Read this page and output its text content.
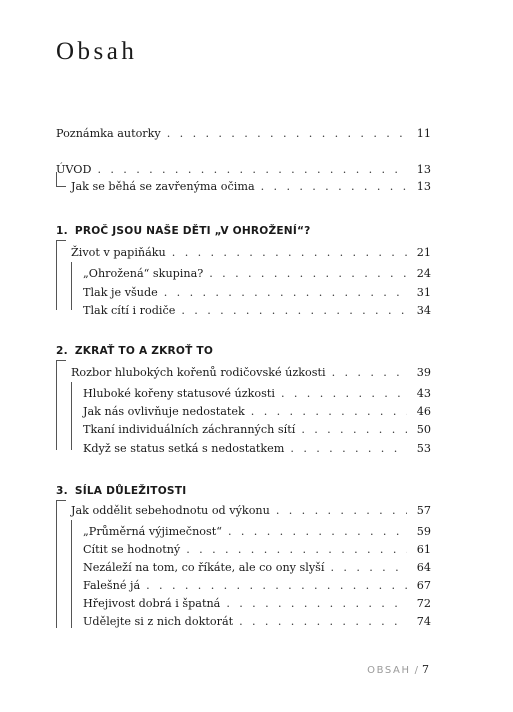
Obsah
Poznámka autorky . . .	11
ÚVOD . . .	13
Jak se běhá se zavřenýma očima . . .	13
1. PROČ JSOU NAŠE DĚTI „V OHROŽENÍ“?
Život v papiňáku . . .	21
„Ohrožená“ skupina? . . .	24
Tlak je všude . . .	31
Tlak cítí i rodiče . . .	34
2. ZKRAŤ TO A ZKROŤ TO
Rozbor hlubokých kořenů rodičovské úzkosti . . .	39
Hluboké kořeny statusové úzkosti . . .	43
Jak nás ovlivňuje nedostatek . . .	46
Tkaní individuálních záchranných sítí . . .	50
Když se status setká s nedostatkem . . .	53
3. SÍLA DŮLEŽITOSTI
Jak oddělit sebehodnotu od výkonu . . .	57
„Průměrná výjimečnost“ . . .	59
Cítit se hodnotný . . .	61
Nezáleží na tom, co říkáte, ale co ony slyší . . .	64
Falešné já . . .	67
Hřejivost dobrá i špatná . . .	72
Udělejte si z nich doktorát . . .	74
OBSAH / 7
